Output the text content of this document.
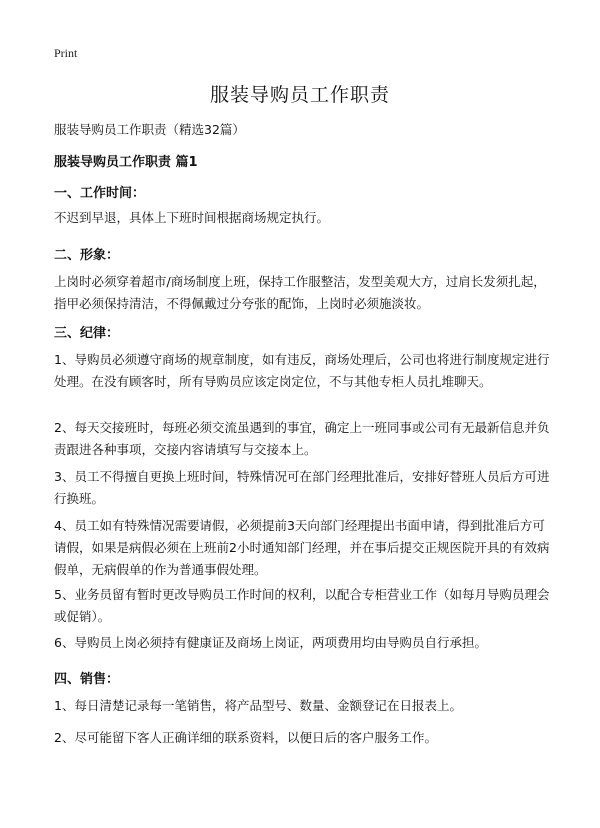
Print
服装导购员工作职责
服装导购员工作职责（精选32篇）
服装导购员工作职责 篇1
一、工作时间：

不迟到早退，具体上下班时间根据商场规定执行。

二、形象：

上岗时必须穿着超市/商场制度上班，保持工作服整洁，发型美观大方，过肩长发须扎起，指甲必须保持清洁，不得佩戴过分夸张的配饰，上岗时必须施淡妆。

三、纪律：

1、导购员必须遵守商场的规章制度，如有违反，商场处理后，公司也将进行制度规定进行处理。在没有顾客时，所有导购员应该定岗定位，不与其他专柜人员扎堆聊天。

2、每天交接班时，每班必须交流虽遇到的事宜，确定上一班同事或公司有无最新信息并负责跟进各种事项，交接内容请填写与交接本上。

3、员工不得擅自更换上班时间，特殊情况可在部门经理批准后，安排好替班人员后方可进行换班。

4、员工如有特殊情况需要请假，必须提前3天向部门经理提出书面申请，得到批准后方可请假，如果是病假必须在上班前2小时通知部门经理，并在事后提交正规医院开具的有效病假单，无病假单的作为普通事假处理。

5、业务员留有暂时更改导购员工作时间的权利，以配合专柜营业工作（如每月导购员理会或促销）。

6、导购员上岗必须持有健康证及商场上岗证，两项费用均由导购员自行承担。

四、销售：

1、每日清楚记录每一笔销售，将产品型号、数量、金额登记在日报表上。

2、尽可能留下客人正确详细的联系资料，以便日后的客户服务工作。
